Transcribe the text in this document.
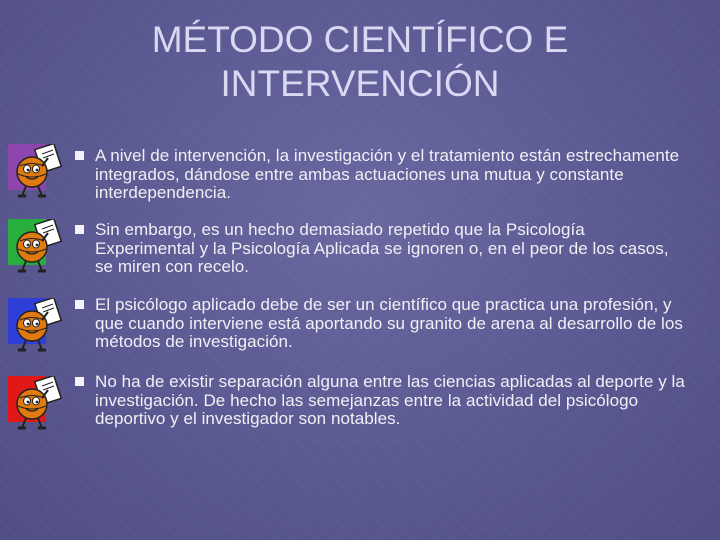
MÉTODO CIENTÍFICO E
INTERVENCIÓN
A nivel de intervención, la investigación y el tratamiento están estrechamente integrados, dándose entre ambas actuaciones una mutua y constante interdependencia.
Sin embargo, es un hecho demasiado repetido que la Psicología Experimental y la Psicología Aplicada se ignoren o, en el peor de los casos, se miren con recelo.
El psicólogo aplicado debe de ser un científico que practica una profesión, y que cuando interviene está aportando su granito de arena al desarrollo de los métodos de investigación.
No ha de existir separación alguna entre las ciencias aplicadas al deporte y la investigación. De hecho las semejanzas entre la actividad del psicólogo deportivo y el investigador son notables.
